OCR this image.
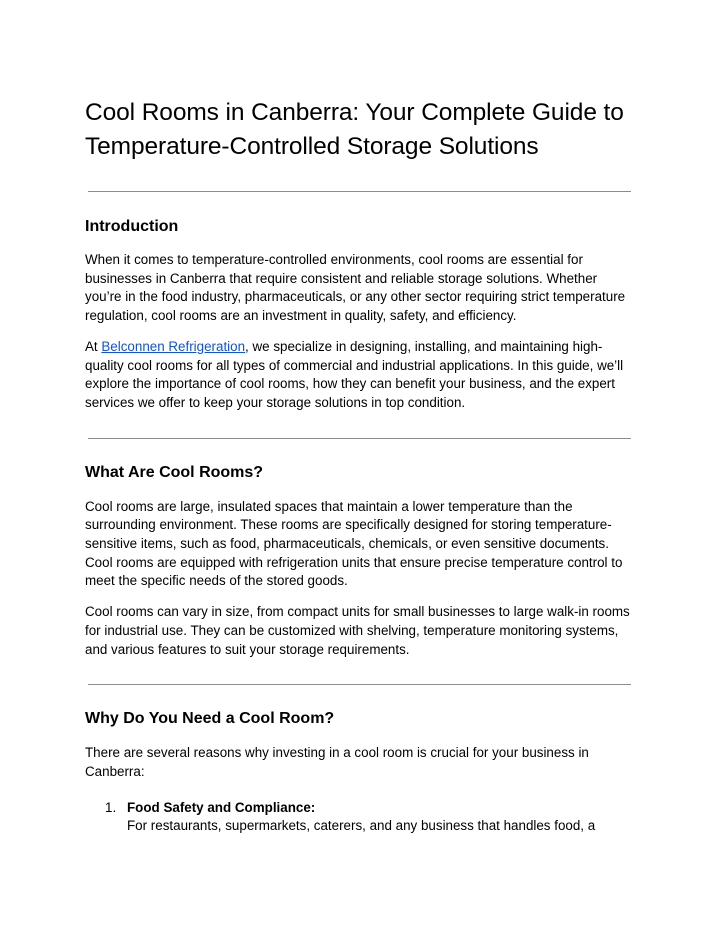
Cool Rooms in Canberra: Your Complete Guide to Temperature-Controlled Storage Solutions
Introduction

When it comes to temperature-controlled environments, cool rooms are essential for businesses in Canberra that require consistent and reliable storage solutions. Whether you’re in the food industry, pharmaceuticals, or any other sector requiring strict temperature regulation, cool rooms are an investment in quality, safety, and efficiency.

At Belconnen Refrigeration, we specialize in designing, installing, and maintaining high-quality cool rooms for all types of commercial and industrial applications. In this guide, we’ll explore the importance of cool rooms, how they can benefit your business, and the expert services we offer to keep your storage solutions in top condition.

What Are Cool Rooms?

Cool rooms are large, insulated spaces that maintain a lower temperature than the surrounding environment. These rooms are specifically designed for storing temperature-sensitive items, such as food, pharmaceuticals, chemicals, or even sensitive documents. Cool rooms are equipped with refrigeration units that ensure precise temperature control to meet the specific needs of the stored goods.

Cool rooms can vary in size, from compact units for small businesses to large walk-in rooms for industrial use. They can be customized with shelving, temperature monitoring systems, and various features to suit your storage requirements.

Why Do You Need a Cool Room?

There are several reasons why investing in a cool room is crucial for your business in Canberra:

1. Food Safety and Compliance:
For restaurants, supermarkets, caterers, and any business that handles food, a
